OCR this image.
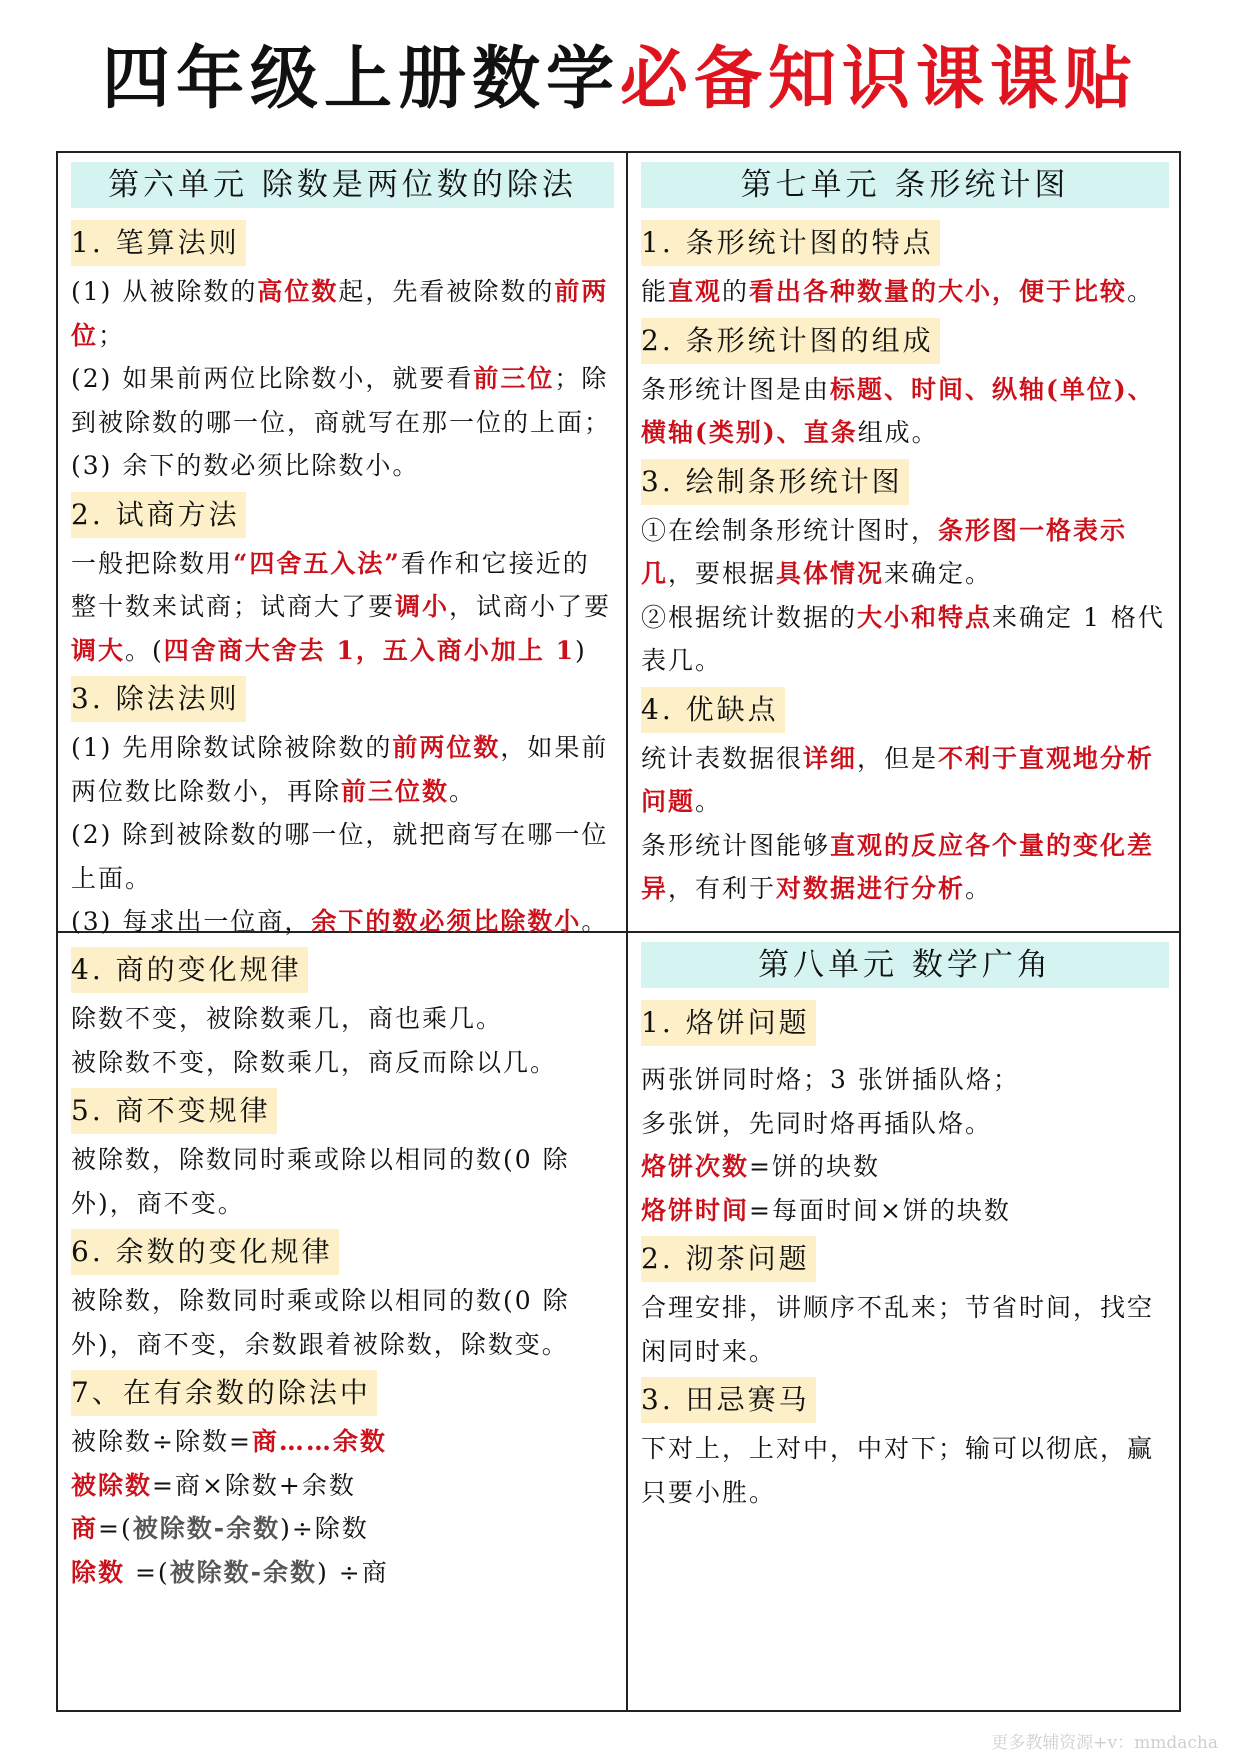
四年级上册数学必备知识课课贴
第六单元 除数是两位数的除法
1. 笔算法则

(1) 从被除数的高位数起，先看被除数的前两位；

(2) 如果前两位比除数小，就要看前三位；除到被除数的哪一位，商就写在那一位的上面；

(3) 余下的数必须比除数小。

2. 试商方法

一般把除数用“四舍五入法”看作和它接近的整十数来试商；试商大了要调小，试商小了要调大。(四舍商大舍去 1，五入商小加上 1)

3. 除法法则

(1) 先用除数试除被除数的前两位数，如果前两位数比除数小，再除前三位数。

(2) 除到被除数的哪一位，就把商写在哪一位上面。

(3) 每求出一位商，余下的数必须比除数小。

第七单元 条形统计图
1. 条形统计图的特点

能直观的看出各种数量的大小，便于比较。

2. 条形统计图的组成

条形统计图是由标题、时间、纵轴(单位)、横轴(类别)、直条组成。

3. 绘制条形统计图

①在绘制条形统计图时，条形图一格表示几，要根据具体情况来确定。

②根据统计数据的大小和特点来确定 1 格代表几。

4. 优缺点

统计表数据很详细，但是不利于直观地分析问题。

条形统计图能够直观的反应各个量的变化差异，有利于对数据进行分析。

4. 商的变化规律

除数不变，被除数乘几，商也乘几。

被除数不变，除数乘几，商反而除以几。

5. 商不变规律

被除数，除数同时乘或除以相同的数(0 除外)，商不变。

6. 余数的变化规律

被除数，除数同时乘或除以相同的数(0 除外)，商不变，余数跟着被除数，除数变。

7、在有余数的除法中

被除数÷除数=商……余数

被除数=商×除数+余数

商=(被除数-余数)÷除数

除数 =(被除数-余数) ÷商

第八单元 数学广角
1. 烙饼问题

两张饼同时烙；3 张饼插队烙；

多张饼，先同时烙再插队烙。

烙饼次数=饼的块数

烙饼时间=每面时间×饼的块数

2. 沏茶问题

合理安排，讲顺序不乱来；节省时间，找空闲同时来。

3. 田忌赛马

下对上，上对中，中对下；输可以彻底，赢只要小胜。

更多教辅资源+v：mmdacha
